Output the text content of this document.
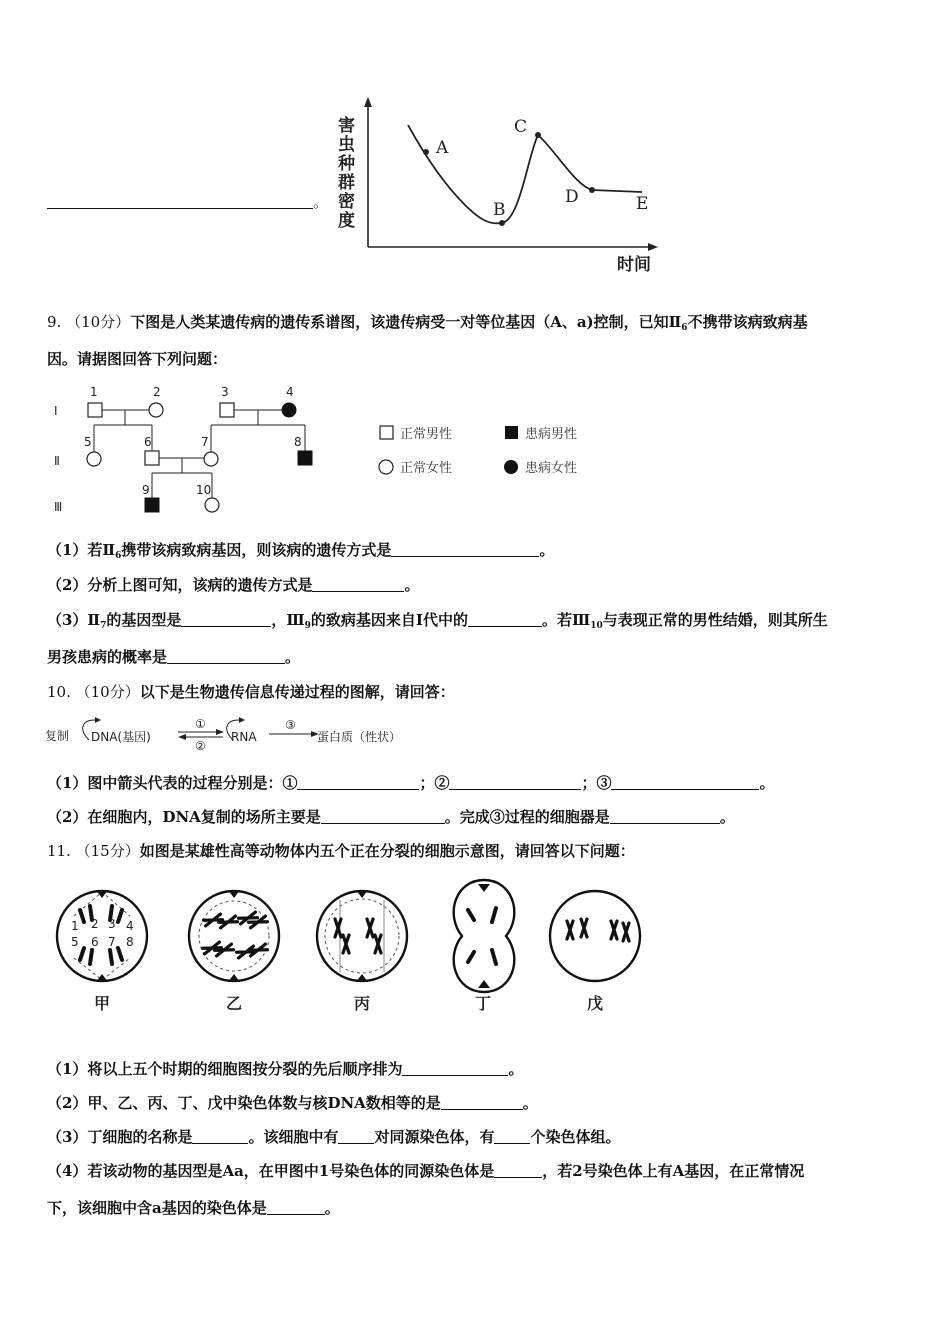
。
害
虫
种
群
密
度
A
B
C
D	E
时间
9. （10分）下图是人类某遗传病的遗传系谱图，该遗传病受一对等位基因（A、a)控制，已知$Ⅱ_6$不携带该病致病基
因。请据图回答下列问题：
Ⅰ
Ⅱ
Ⅲ
1	2	3	4
5	6	7	8
9	10
正常男性	患病男性
正常女性	患病女性
（1）若$Ⅱ_6$携带该病致病基因，则该病的遗传方式是	。
（2）分析上图可知，该病的遗传方式是	。
$(3)Ⅱ_7$的基因型是	，$Ⅲ_9$的致病基因来自Ⅰ代中的	。若$Ⅲ_{10}$与表现正常的男性结婚，则其所生
男孩患病的概率是	。
10. （10分）以下是生物遗传信息传递过程的图解，请回答：
复制 DNA(基因)
①
②
RNA
③
蛋白质（性状）
（1）图中箭头代表的过程分别是：①	；②	；③	。
（2）在细胞内，DNA复制的场所主要是	。完成③过程的细胞器是	。
11. （15分）如图是某雄性高等动物体内五个正在分裂的细胞示意图，请回答以下问题：
1 2 3 4
5 6 7 8
甲	乙	丙	丁	戊
（1）将以上五个时期的细胞图按分裂的先后顺序排为	。
（2）甲、乙、丙、丁、戊中染色体数与核DNA数相等的是	。
（3）丁细胞的名称是	。该细胞中有 对同源染色体，有 个染色体组。
（4）若该动物的基因型是Aa，在甲图中1号染色体的同源染色体是	，若2号染色体上有A基因，在正常情况
下，该细胞中含a基因的染色体是	。
